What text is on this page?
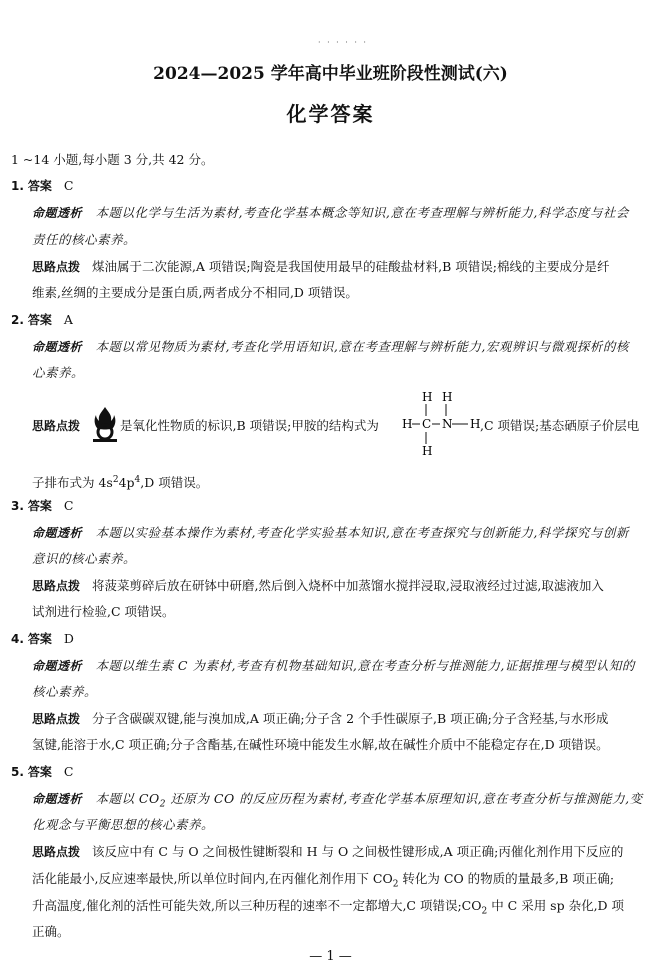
· · · · · ·
2024—2025 学年高中毕业班阶段性测试(六)
化学答案
1 ~14 小题,每小题 3 分,共 42 分。
1. 答案 C
命题透析 本题以化学与生活为素材,考查化学基本概念等知识,意在考查理解与辨析能力,科学态度与社会
责任的核心素养。
思路点拨 煤油属于二次能源,A 项错误;陶瓷是我国使用最早的硅酸盐材料,B 项错误;棉线的主要成分是纤
维素,丝绸的主要成分是蛋白质,两者成分不相同,D 项错误。
2. 答案 A
命题透析 本题以常见物质为素材,考查化学用语知识,意在考查理解与辨析能力,宏观辨识与微观探析的核
心素养。
思路点拨	是氧化性物质的标识,B 项错误;甲胺的结构式为
H H
H C N H
H
,C 项错误;基态硒原子价层电
子排布式为 $4s^24p^4,D$ 项错误。
3. 答案 C
命题透析 本题以实验基本操作为素材,考查化学实验基本知识,意在考查探究与创新能力,科学探究与创新
意识的核心素养。
思路点拨 将菠菜剪碎后放在研钵中研磨,然后倒入烧杯中加蒸馏水搅拌浸取,浸取液经过过滤,取滤液加入
试剂进行检验,C 项错误。
4. 答案 D
命题透析 本题以维生素 C 为素材,考查有机物基础知识,意在考查分析与推测能力,证据推理与模型认知的
核心素养。
思路点拨 分子含碳碳双键,能与溴加成,A 项正确;分子含 2 个手性碳原子,B 项正确;分子含羟基,与水形成
氢键,能溶于水,C 项正确;分子含酯基,在碱性环境中能发生水解,故在碱性介质中不能稳定存在,D 项错误。
5. 答案 C
命题透析 本题以 $CO_2$ 还原为 CO 的反应历程为素材,考查化学基本原理知识,意在考查分析与推测能力,变
化观念与平衡思想的核心素养。
思路点拨 该反应中有 C 与 O 之间极性键断裂和 H 与 O 之间极性键形成,A 项正确;丙催化剂作用下反应的
活化能最小,反应速率最快,所以单位时间内,在丙催化剂作用下 $CO_2$ 转化为 CO 的物质的量最多,B 项正确;
升高温度,催化剂的活性可能失效,所以三种历程的速率不一定都增大,C 项错误$;CO_2$ 中 C 采用 sp 杂化,D 项
正确。
— 1 —
